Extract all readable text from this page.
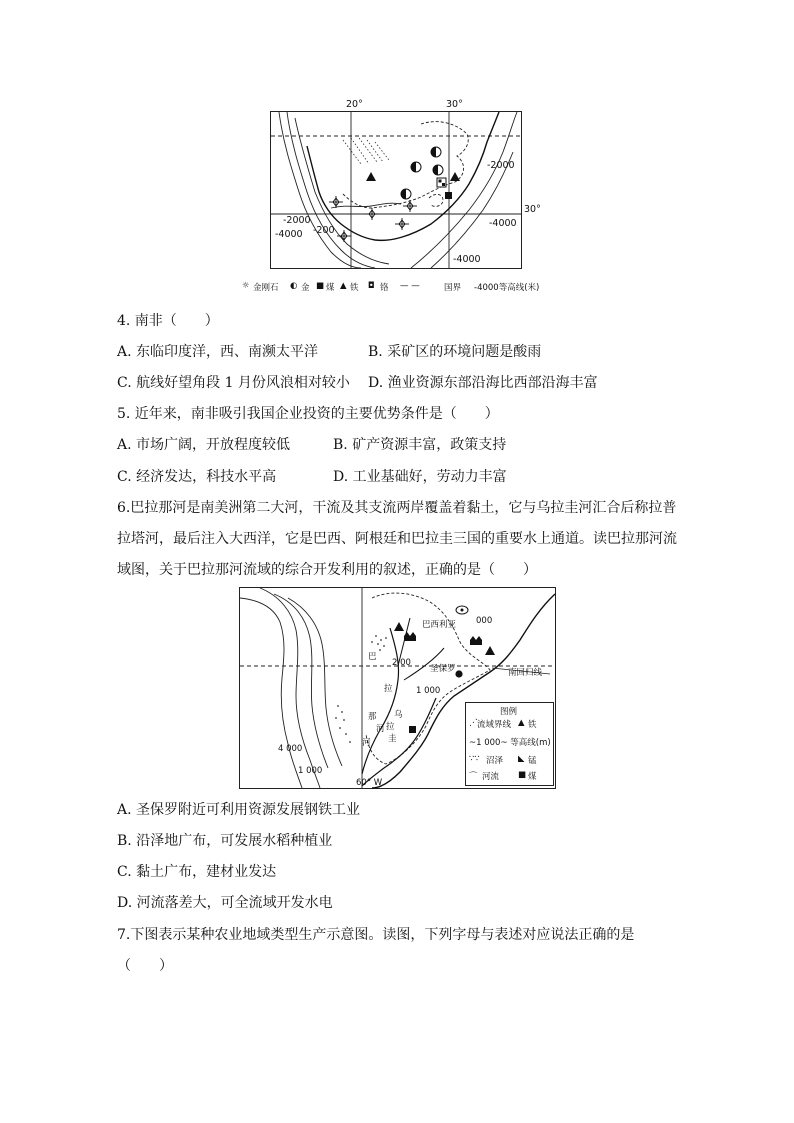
-2000
-2000
-4000 -200
-4000
-4000
20°	30°
30°
☼ 金刚石 ◐ 金 ■ 煤 ▲ 铁 ◘ 铬 — —	国界 -4000等高线(米)
4. 南非（　　）
A. 东临印度洋，西、南濒太平洋	B. 采矿区的环境问题是酸雨
C. 航线好望角段 1 月份风浪相对较小 D. 渔业资源东部沿海比西部沿海丰富
5. 近年来，南非吸引我国企业投资的主要优势条件是（　　）
A. 市场广阔，开放程度较低	B. 矿产资源丰富，政策支持
C. 经济发达，科技水平高	D. 工业基础好，劳动力丰富
6.巴拉那河是南美洲第二大河，干流及其支流两岸覆盖着黏土，它与乌拉圭河汇合后称拉普
拉塔河，最后注入大西洋，它是巴西、阿根廷和巴拉圭三国的重要水上通道。读巴拉那河流
域图，关于巴拉那河流域的综合开发利用的叙述，正确的是（　　）
000
巴西利亚
2 00
圣保罗	南回归线
1 000
4 000
1 000
60° W
巴
拉
那
河
乌
拉
圭
河
图例
⋰ 流域界线 ▲ 铁
~1 000~ 等高线(m)
∵∵ 沼泽 ◣ 锰
⌒ 河流 ■ 煤
A. 圣保罗附近可利用资源发展钢铁工业
B. 沿泽地广布，可发展水稻种植业
C. 黏土广布，建材业发达
D. 河流落差大，可全流域开发水电
7.下图表示某种农业地域类型生产示意图。读图，下列字母与表述对应说法正确的是
（　　）
